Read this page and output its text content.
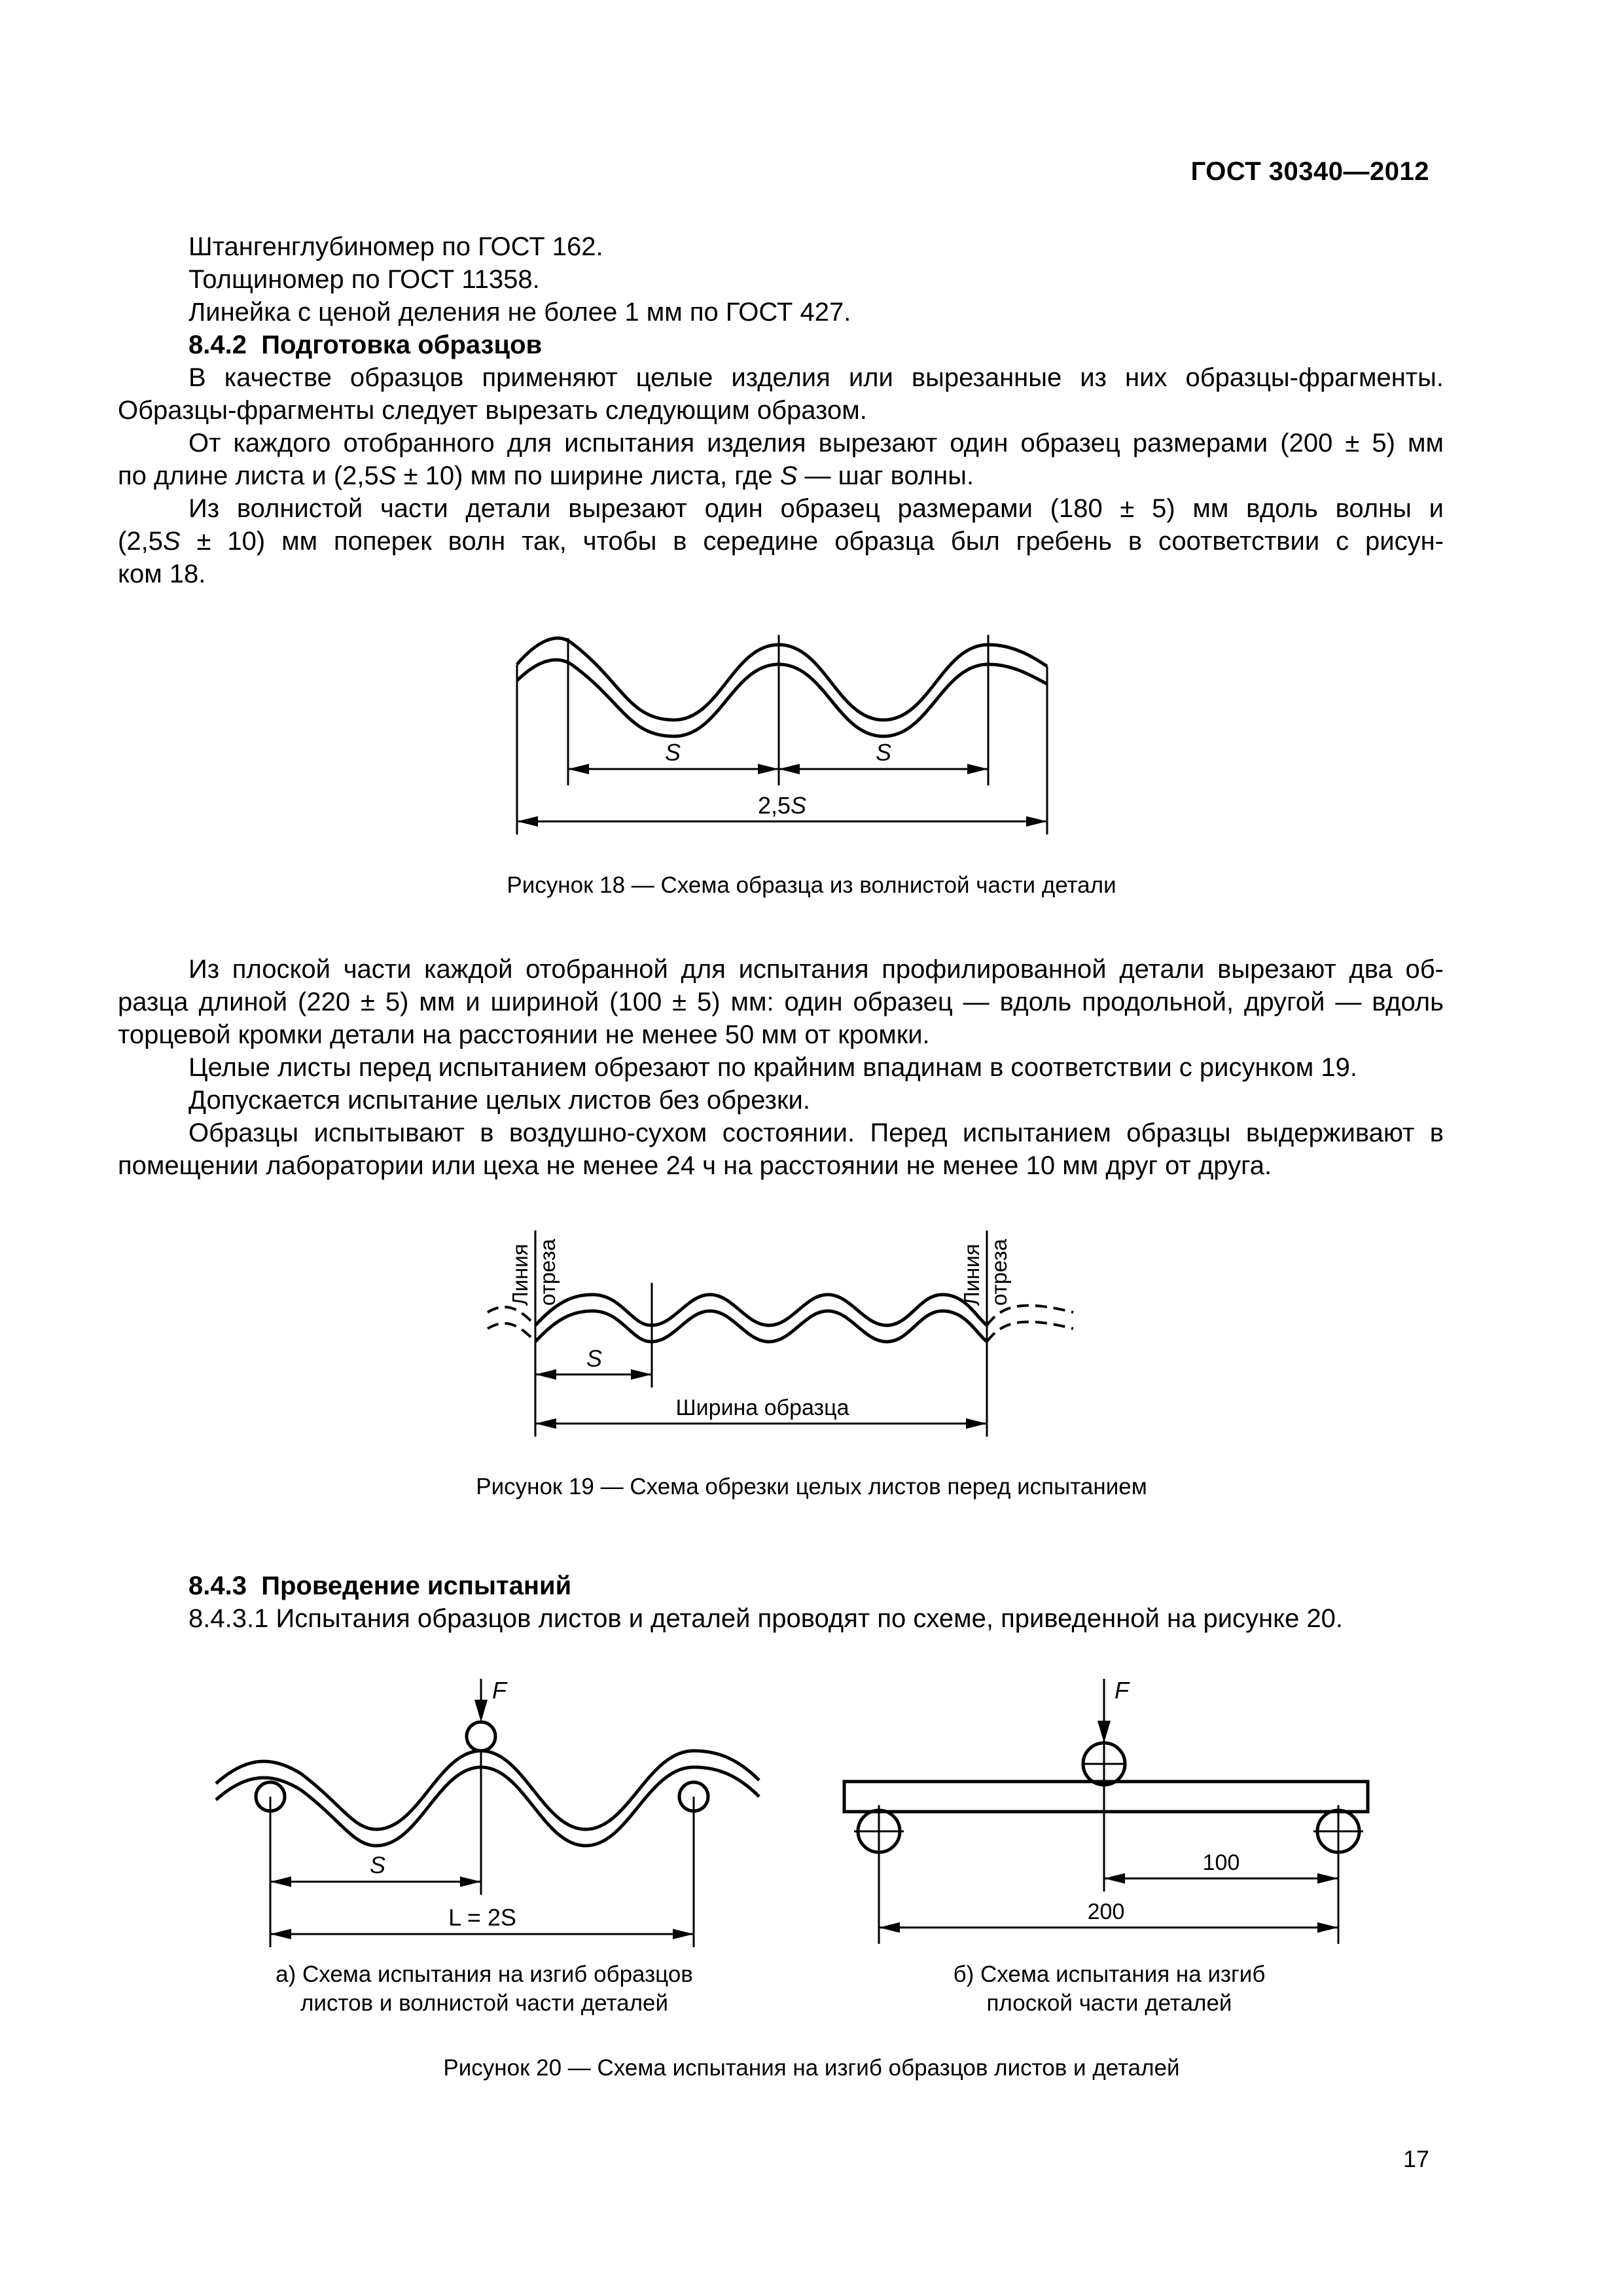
ГОСТ 30340—2012
Штангенглубиномер по ГОСТ 162.
Толщиномер по ГОСТ 11358.
Линейка с ценой деления не более 1 мм по ГОСТ 427.
8.4.2 Подготовка образцов
В качестве образцов применяют целые изделия или вырезанные из них образцы-фрагменты.
Образцы-фрагменты следует вырезать следующим образом.
От каждого отобранного для испытания изделия вырезают один образец размерами (200 ± 5) мм
по длине листа и (2,5S ± 10) мм по ширине листа, где S — шаг волны.
Из волнистой части детали вырезают один образец размерами (180 ± 5) мм вдоль волны и
(2,5S ± 10) мм поперек волн так, чтобы в середине образца был гребень в соответствии с рисун-
ком 18.
S	S
2,5S
Рисунок 18 — Схема образца из волнистой части детали
Из плоской части каждой отобранной для испытания профилированной детали вырезают два об-
разца длиной (220 ± 5) мм и шириной (100 ± 5) мм: один образец — вдоль продольной, другой — вдоль
торцевой кромки детали на расстоянии не менее 50 мм от кромки.
Целые листы перед испытанием обрезают по крайним впадинам в соответствии с рисунком 19.
Допускается испытание целых листов без обрезки.
Образцы испытывают в воздушно-сухом состоянии. Перед испытанием образцы выдерживают в
помещении лаборатории или цеха не менее 24 ч на расстоянии не менее 10 мм друг от друга.
Линия отреза	Линия отреза
S
Ширина образца
Рисунок 19 — Схема обрезки целых листов перед испытанием
8.4.3 Проведение испытаний
8.4.3.1 Испытания образцов листов и деталей проводят по схеме, приведенной на рисунке 20.
F
S
L = 2S
F
100
200
а) Схема испытания на изгиб образцов
листов и волнистой части деталей
б) Схема испытания на изгиб
плоской части деталей
Рисунок 20 — Схема испытания на изгиб образцов листов и деталей
17
